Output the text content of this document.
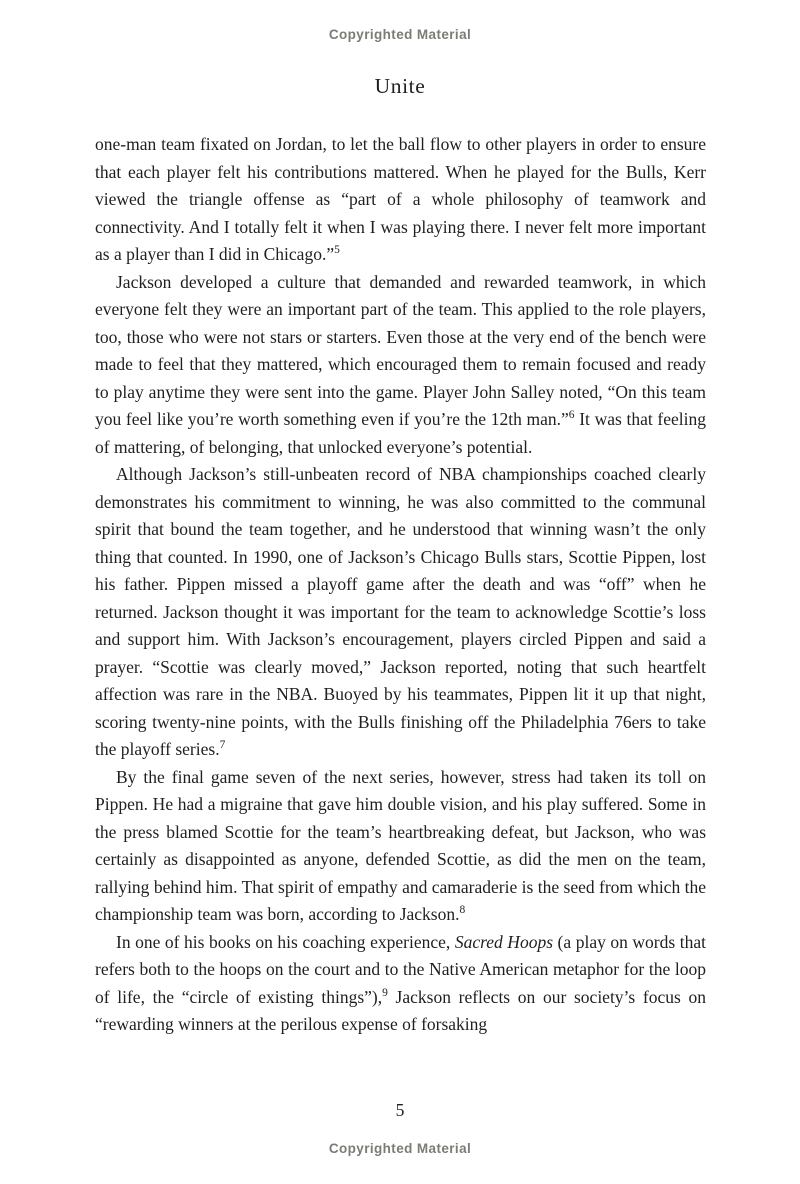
Copyrighted Material
Unite

one-man team fixated on Jordan, to let the ball flow to other players in order to ensure that each player felt his contributions mattered. When he played for the Bulls, Kerr viewed the triangle offense as “part of a whole philosophy of teamwork and connectivity. And I totally felt it when I was playing there. I never felt more important as a player than I did in Chicago.”$^5$

Jackson developed a culture that demanded and rewarded teamwork, in which everyone felt they were an important part of the team. This applied to the role players, too, those who were not stars or starters. Even those at the very end of the bench were made to feel that they mattered, which encouraged them to remain focused and ready to play anytime they were sent into the game. Player John Salley noted, “On this team you feel like you’re worth something even if you’re the 12th man.”$^6$ It was that feeling of mattering, of belonging, that unlocked everyone’s potential.

Although Jackson’s still-unbeaten record of NBA championships coached clearly demonstrates his commitment to winning, he was also committed to the communal spirit that bound the team together, and he understood that winning wasn’t the only thing that counted. In 1990, one of Jackson’s Chicago Bulls stars, Scottie Pippen, lost his father. Pippen missed a playoff game after the death and was “off” when he returned. Jackson thought it was important for the team to acknowledge Scottie’s loss and support him. With Jackson’s encouragement, players circled Pippen and said a prayer. “Scottie was clearly moved,” Jackson reported, noting that such heartfelt affection was rare in the NBA. Buoyed by his teammates, Pippen lit it up that night, scoring twenty-nine points, with the Bulls finishing off the Philadelphia 76ers to take the playoff series.$^7$

By the final game seven of the next series, however, stress had taken its toll on Pippen. He had a migraine that gave him double vision, and his play suffered. Some in the press blamed Scottie for the team’s heartbreaking defeat, but Jackson, who was certainly as disappointed as anyone, defended Scottie, as did the men on the team, rallying behind him. That spirit of empathy and camaraderie is the seed from which the championship team was born, according to Jackson.$^8$

In one of his books on his coaching experience, Sacred Hoops (a play on words that refers both to the hoops on the court and to the Native American metaphor for the loop of life, the “circle of existing things”),$^9$ Jackson reflects on our society’s focus on “rewarding winners at the perilous expense of forsaking

5
Copyrighted Material
